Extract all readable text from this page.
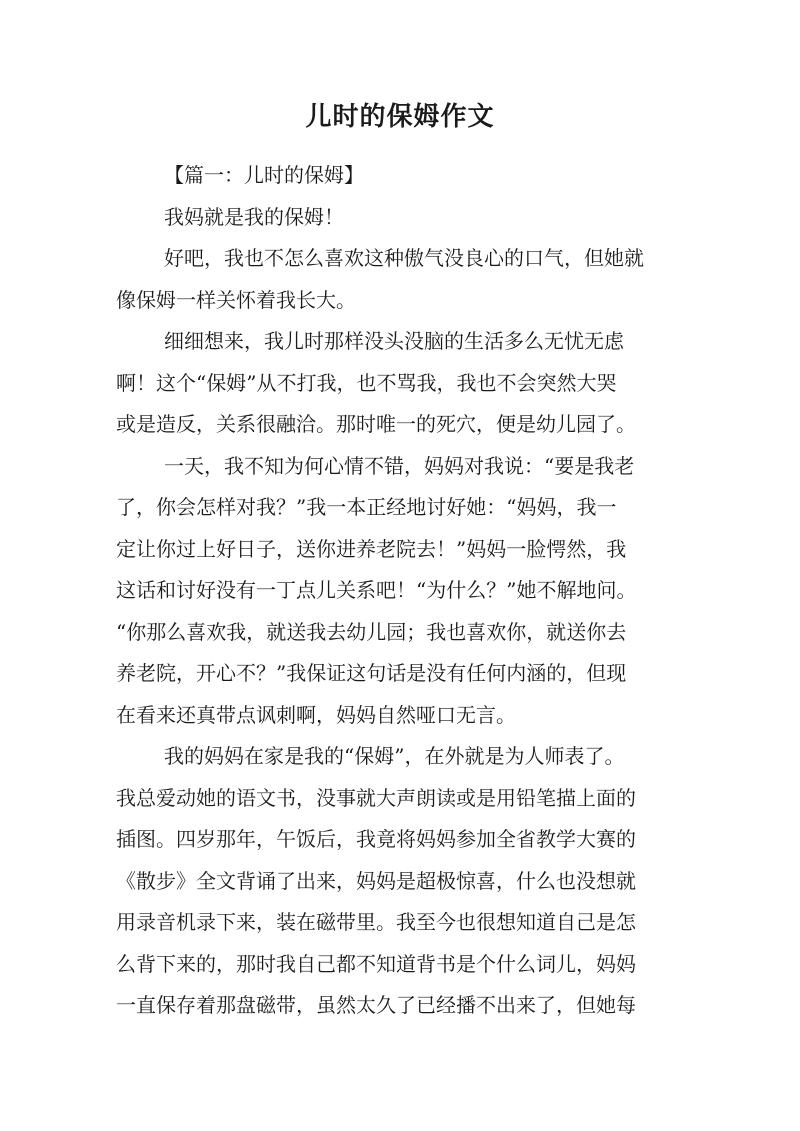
儿时的保姆作文
【篇一：儿时的保姆】
我妈就是我的保姆！
好吧，我也不怎么喜欢这种傲气没良心的口气，但她就
像保姆一样关怀着我长大。
细细想来，我儿时那样没头没脑的生活多么无忧无虑
啊！这个“保姆”从不打我，也不骂我，我也不会突然大哭
或是造反，关系很融洽。那时唯一的死穴，便是幼儿园了。
一天，我不知为何心情不错，妈妈对我说：“要是我老
了，你会怎样对我？”我一本正经地讨好她：“妈妈，我一
定让你过上好日子，送你进养老院去！”妈妈一脸愕然，我
这话和讨好没有一丁点儿关系吧！“为什么？”她不解地问。
“你那么喜欢我，就送我去幼儿园；我也喜欢你，就送你去
养老院，开心不？”我保证这句话是没有任何内涵的，但现
在看来还真带点讽刺啊，妈妈自然哑口无言。
我的妈妈在家是我的“保姆”，在外就是为人师表了。
我总爱动她的语文书，没事就大声朗读或是用铅笔描上面的
插图。四岁那年，午饭后，我竟将妈妈参加全省教学大赛的
《散步》全文背诵了出来，妈妈是超极惊喜，什么也没想就
用录音机录下来，装在磁带里。我至今也很想知道自己是怎
么背下来的，那时我自己都不知道背书是个什么词儿，妈妈
一直保存着那盘磁带，虽然太久了已经播不出来了，但她每
